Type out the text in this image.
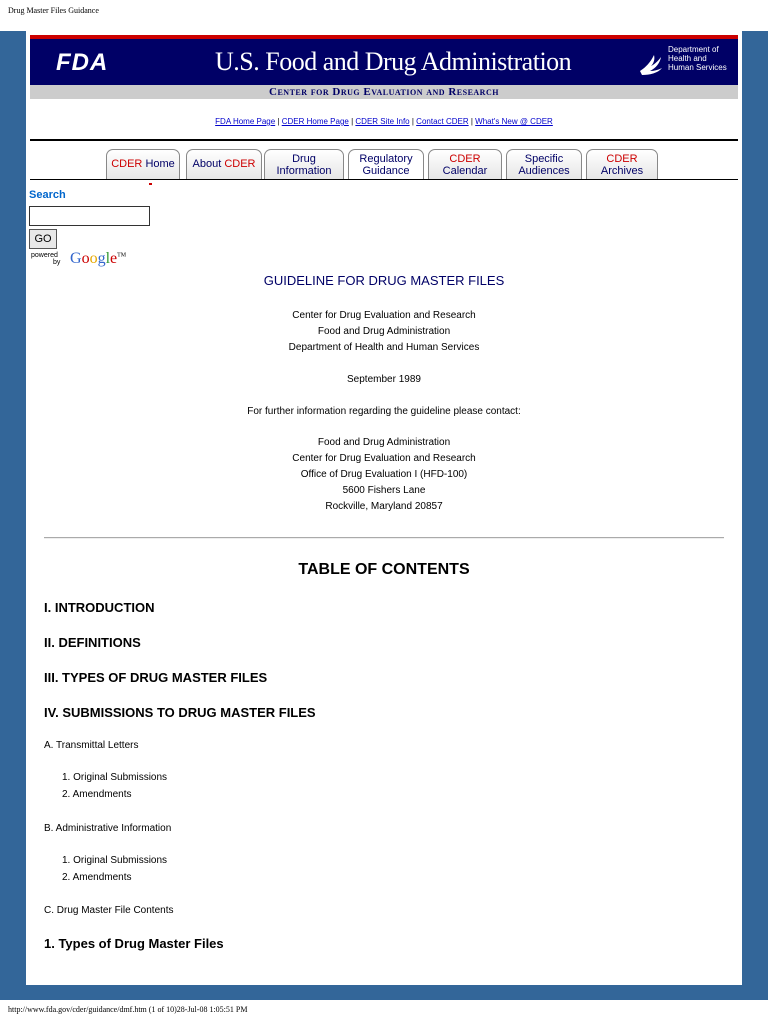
Drug Master Files Guidance
FDA	U.S. Food and Drug Administration	Department of
Health and
Human Services
Center for Drug Evaluation and Research
FDA Home Page | CDER Home Page | CDER Site Info | Contact CDER | What's New @ CDER
CDER Home	About CDER	Drug
Information
Regulatory
Guidance
CDER
Calendar
Specific
Audiences
CDER
Archives
Search
GO
powered
by Google™
GUIDELINE FOR DRUG MASTER FILES
Center for Drug Evaluation and Research
Food and Drug Administration
Department of Health and Human Services
September 1989
For further information regarding the guideline please contact:
Food and Drug Administration
Center for Drug Evaluation and Research
Office of Drug Evaluation I (HFD-100)
5600 Fishers Lane
Rockville, Maryland 20857
TABLE OF CONTENTS
I. INTRODUCTION
II. DEFINITIONS
III. TYPES OF DRUG MASTER FILES
IV. SUBMISSIONS TO DRUG MASTER FILES
A. Transmittal Letters
1. Original Submissions
2. Amendments
B. Administrative Information
1. Original Submissions
2. Amendments
C. Drug Master File Contents
1. Types of Drug Master Files
http://www.fda.gov/cder/guidance/dmf.htm (1 of 10)28-Jul-08 1:05:51 PM
